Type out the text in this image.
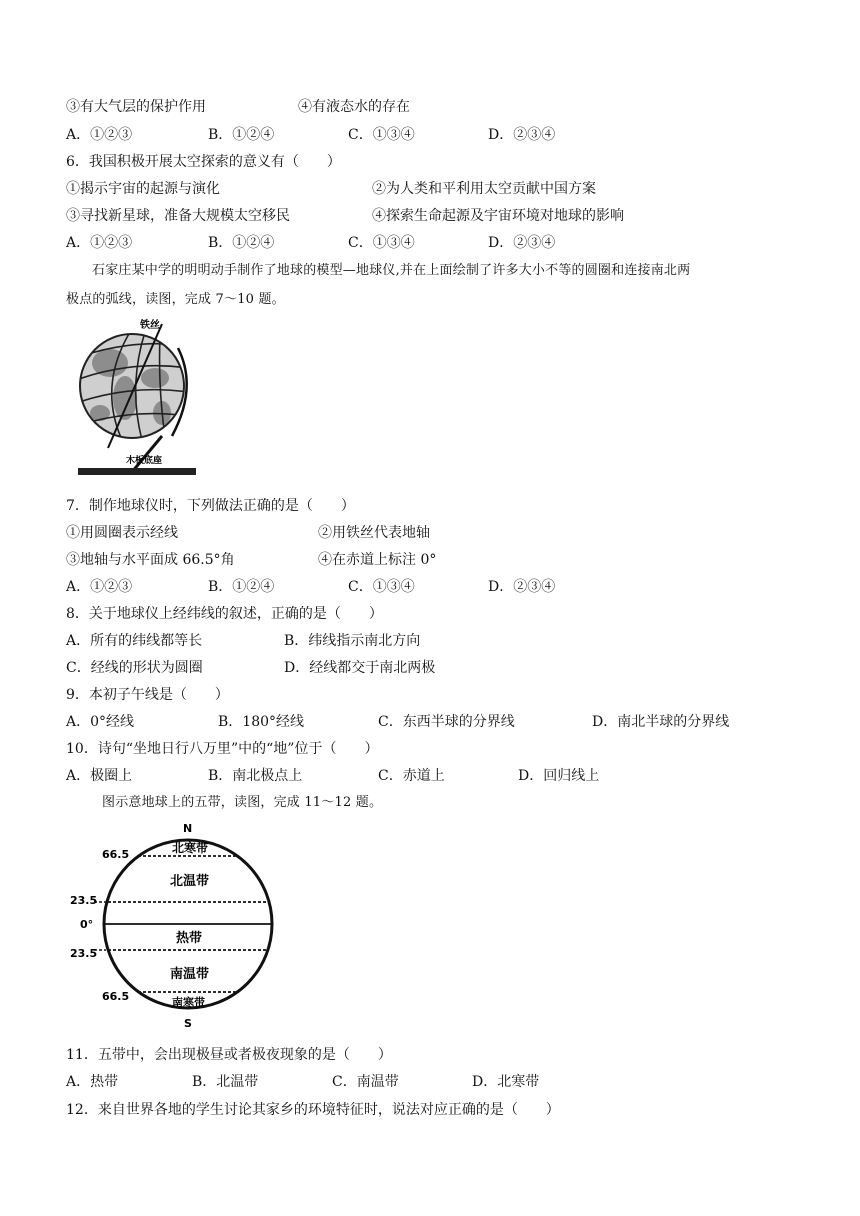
③有大气层的保护作用	④有液态水的存在
A．①②③	B．①②④	C．①③④	D．②③④
6．我国积极开展太空探索的意义有（　　）
①揭示宇宙的起源与演化	②为人类和平利用太空贡献中国方案
③寻找新星球，准备大规模太空移民	④探索生命起源及宇宙环境对地球的影响
A．①②③	B．①②④	C．①③④	D．②③④
石家庄某中学的明明动手制作了地球的模型—地球仪,并在上面绘制了许多大小不等的圆圈和连接南北两
极点的弧线，读图，完成 7～10 题。
铁丝
木板底座
7．制作地球仪时，下列做法正确的是（　　）
①用圆圈表示经线	②用铁丝代表地轴
③地轴与水平面成 66.5°角	④在赤道上标注 0°
A．①②③	B．①②④	C．①③④	D．②③④
8．关于地球仪上经纬线的叙述，正确的是（　　）
A．所有的纬线都等长	B．纬线指示南北方向
C．经线的形状为圆圈	D．经线都交于南北两极
9．本初子午线是（　　）
A．0°经线	B．180°经线	C．东西半球的分界线	D．南北半球的分界线
10．诗句“坐地日行八万里”中的“地”位于（　　）
A．极圈上	B．南北极点上	C．赤道上	D．回归线上
图示意地球上的五带，读图，完成 11～12 题。
N
S
66.5
23.5
0°
23.5
66.5
北寒带
北温带
热带
南温带
南寒带
11．五带中，会出现极昼或者极夜现象的是（　　）
A．热带	B．北温带	C．南温带	D．北寒带
12．来自世界各地的学生讨论其家乡的环境特征时，说法对应正确的是（　　）
